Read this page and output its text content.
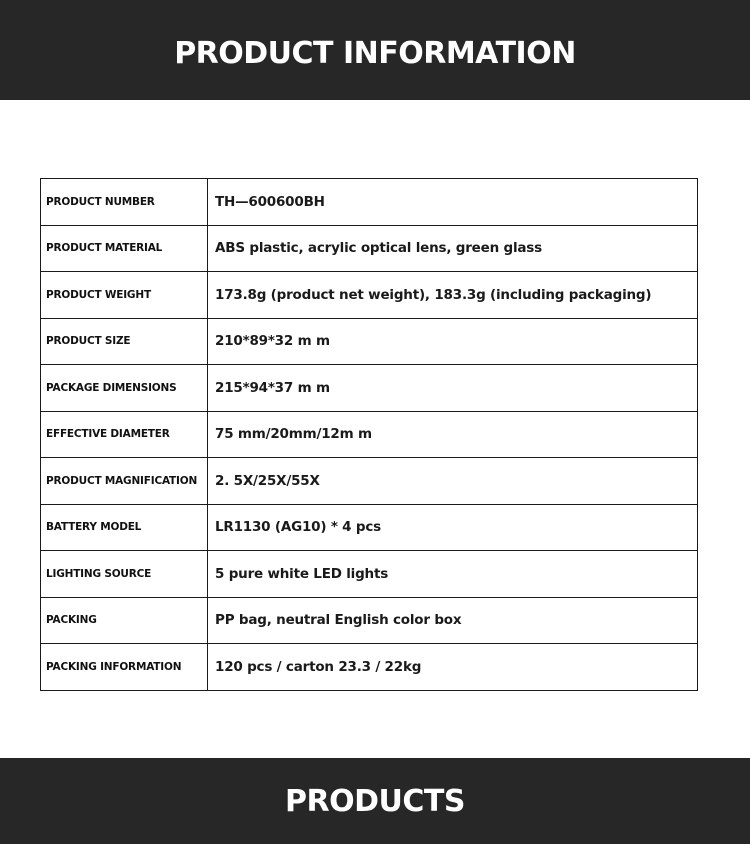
PRODUCT INFORMATION
PRODUCT NUMBER	TH—600600BH
PRODUCT MATERIAL	ABS plastic, acrylic optical lens, green glass
PRODUCT WEIGHT	173.8g (product net weight), 183.3g (including packaging)
PRODUCT SIZE	210*89*32 m m
PACKAGE DIMENSIONS	215*94*37 m m
EFFECTIVE DIAMETER	75 mm/20mm/12m m
PRODUCT MAGNIFICATION	2. 5X/25X/55X
BATTERY MODEL	LR1130 (AG10) * 4 pcs
LIGHTING SOURCE	5 pure white LED lights
PACKING	PP bag, neutral English color box
PACKING INFORMATION	120 pcs / carton 23.3 / 22kg
PRODUCTS
